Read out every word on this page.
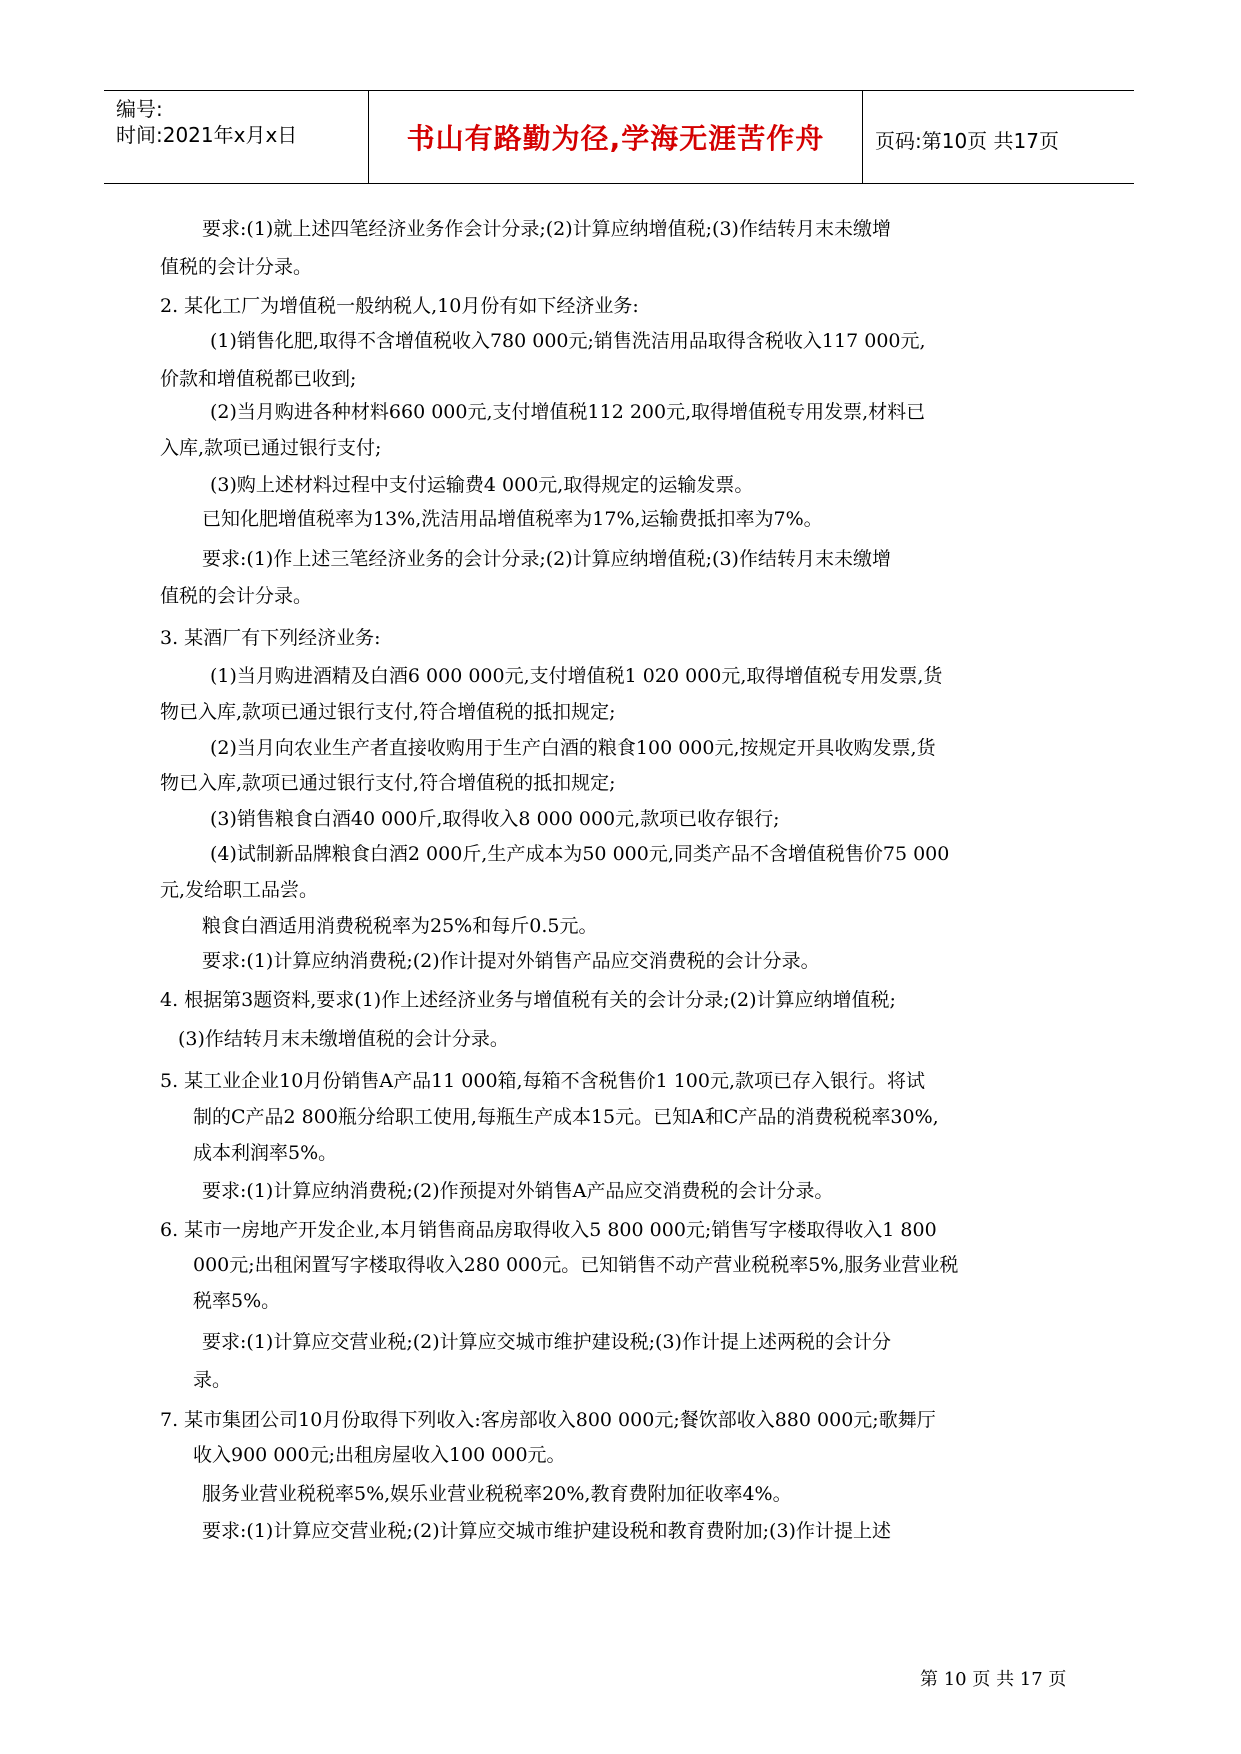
编号:
时间:2021年x月x日	书山有路勤为径,学海无涯苦作舟	页码:第10页 共17页
要求:(1)就上述四笔经济业务作会计分录;(2)计算应纳增值税;(3)作结转月末未缴增
值税的会计分录。
2. 某化工厂为增值税一般纳税人,10月份有如下经济业务:
(1)销售化肥,取得不含增值税收入780 000元;销售洗洁用品取得含税收入117 000元,
价款和增值税都已收到;
(2)当月购进各种材料660 000元,支付增值税112 200元,取得增值税专用发票,材料已
入库,款项已通过银行支付;
(3)购上述材料过程中支付运输费4 000元,取得规定的运输发票。
已知化肥增值税率为13%,洗洁用品增值税率为17%,运输费抵扣率为7%。
要求:(1)作上述三笔经济业务的会计分录;(2)计算应纳增值税;(3)作结转月末未缴增
值税的会计分录。
3. 某酒厂有下列经济业务:
(1)当月购进酒精及白酒6 000 000元,支付增值税1 020 000元,取得增值税专用发票,货
物已入库,款项已通过银行支付,符合增值税的抵扣规定;
(2)当月向农业生产者直接收购用于生产白酒的粮食100 000元,按规定开具收购发票,货
物已入库,款项已通过银行支付,符合增值税的抵扣规定;
(3)销售粮食白酒40 000斤,取得收入8 000 000元,款项已收存银行;
(4)试制新品牌粮食白酒2 000斤,生产成本为50 000元,同类产品不含增值税售价75 000
元,发给职工品尝。
粮食白酒适用消费税税率为25%和每斤0.5元。
要求:(1)计算应纳消费税;(2)作计提对外销售产品应交消费税的会计分录。
4. 根据第3题资料,要求(1)作上述经济业务与增值税有关的会计分录;(2)计算应纳增值税;
(3)作结转月末未缴增值税的会计分录。
5. 某工业企业10月份销售A产品11 000箱,每箱不含税售价1 100元,款项已存入银行。将试
制的C产品2 800瓶分给职工使用,每瓶生产成本15元。已知A和C产品的消费税税率30%,
成本利润率5%。
要求:(1)计算应纳消费税;(2)作预提对外销售A产品应交消费税的会计分录。
6. 某市一房地产开发企业,本月销售商品房取得收入5 800 000元;销售写字楼取得收入1 800
000元;出租闲置写字楼取得收入280 000元。已知销售不动产营业税税率5%,服务业营业税
税率5%。
要求:(1)计算应交营业税;(2)计算应交城市维护建设税;(3)作计提上述两税的会计分
录。
7. 某市集团公司10月份取得下列收入:客房部收入800 000元;餐饮部收入880 000元;歌舞厅
收入900 000元;出租房屋收入100 000元。
服务业营业税税率5%,娱乐业营业税税率20%,教育费附加征收率4%。
要求:(1)计算应交营业税;(2)计算应交城市维护建设税和教育费附加;(3)作计提上述
第 10 页 共 17 页
